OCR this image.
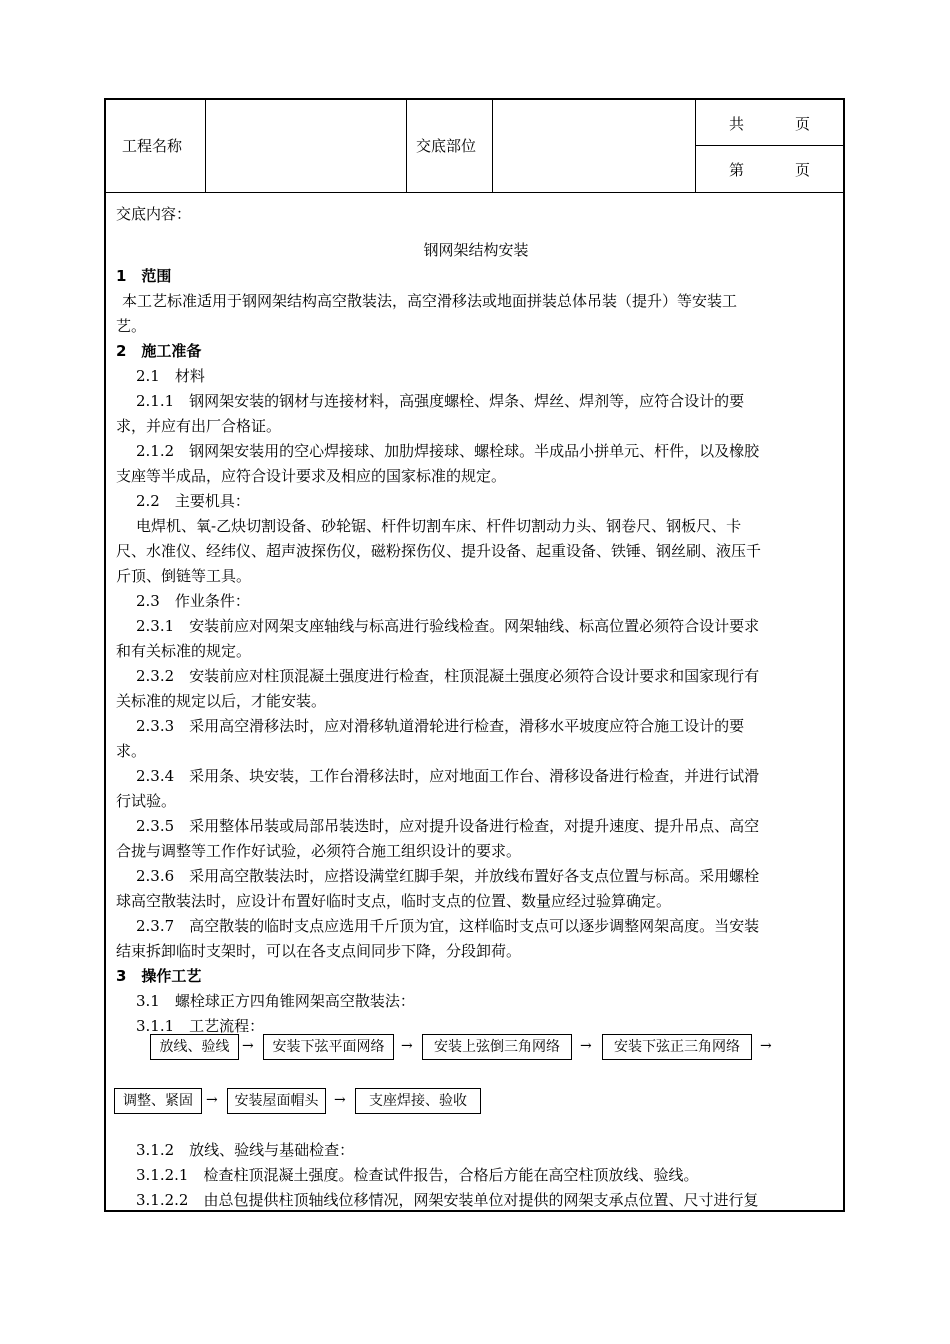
工程名称	交底部位
共	页
第	页
交底内容：
钢网架结构安装
1　范围
本工艺标准适用于钢网架结构高空散装法，高空滑移法或地面拼装总体吊装（提升）等安装工
艺。
2　施工准备
2.1　材料
2.1.1　钢网架安装的钢材与连接材料，高强度螺栓、焊条、焊丝、焊剂等，应符合设计的要
求，并应有出厂合格证。
2.1.2　钢网架安装用的空心焊接球、加肋焊接球、螺栓球。半成品小拼单元、杆件，以及橡胶
支座等半成品，应符合设计要求及相应的国家标准的规定。
2.2　主要机具：
电焊机、氧-乙炔切割设备、砂轮锯、杆件切割车床、杆件切割动力头、钢卷尺、钢板尺、卡
尺、水准仪、经纬仪、超声波探伤仪，磁粉探伤仪、提升设备、起重设备、铁锤、钢丝刷、液压千
斤顶、倒链等工具。
2.3　作业条件：
2.3.1　安装前应对网架支座轴线与标高进行验线检查。网架轴线、标高位置必须符合设计要求
和有关标准的规定。
2.3.2　安装前应对柱顶混凝土强度进行检查，柱顶混凝土强度必须符合设计要求和国家现行有
关标准的规定以后，才能安装。
2.3.3　采用高空滑移法时，应对滑移轨道滑轮进行检查，滑移水平坡度应符合施工设计的要
求。
2.3.4　采用条、块安装，工作台滑移法时，应对地面工作台、滑移设备进行检查，并进行试滑
行试验。
2.3.5　采用整体吊装或局部吊装迭时，应对提升设备进行检查，对提升速度、提升吊点、高空
合拢与调整等工作作好试验，必须符合施工组织设计的要求。
2.3.6　采用高空散装法时，应搭设满堂红脚手架，并放线布置好各支点位置与标高。采用螺栓
球高空散装法时，应设计布置好临时支点，临时支点的位置、数量应经过验算确定。
2.3.7　高空散装的临时支点应选用千斤顶为宜，这样临时支点可以逐步调整网架高度。当安装
结束拆卸临时支架时，可以在各支点间同步下降，分段卸荷。
3　操作工艺
3.1　螺栓球正方四角锥网架高空散装法：
3.1.1　工艺流程：
放线、验线 →	安装下弦平面网络	→	安装上弦倒三角网络	→	安装下弦正三角网络	→
调整、紧固 →	安装屋面帽头	→	支座焊接、验收
3.1.2　放线、验线与基础检查：
3.1.2.1　检查柱顶混凝土强度。检查试件报告，合格后方能在高空柱顶放线、验线。
3.1.2.2　由总包提供柱顶轴线位移情况，网架安装单位对提供的网架支承点位置、尺寸进行复
